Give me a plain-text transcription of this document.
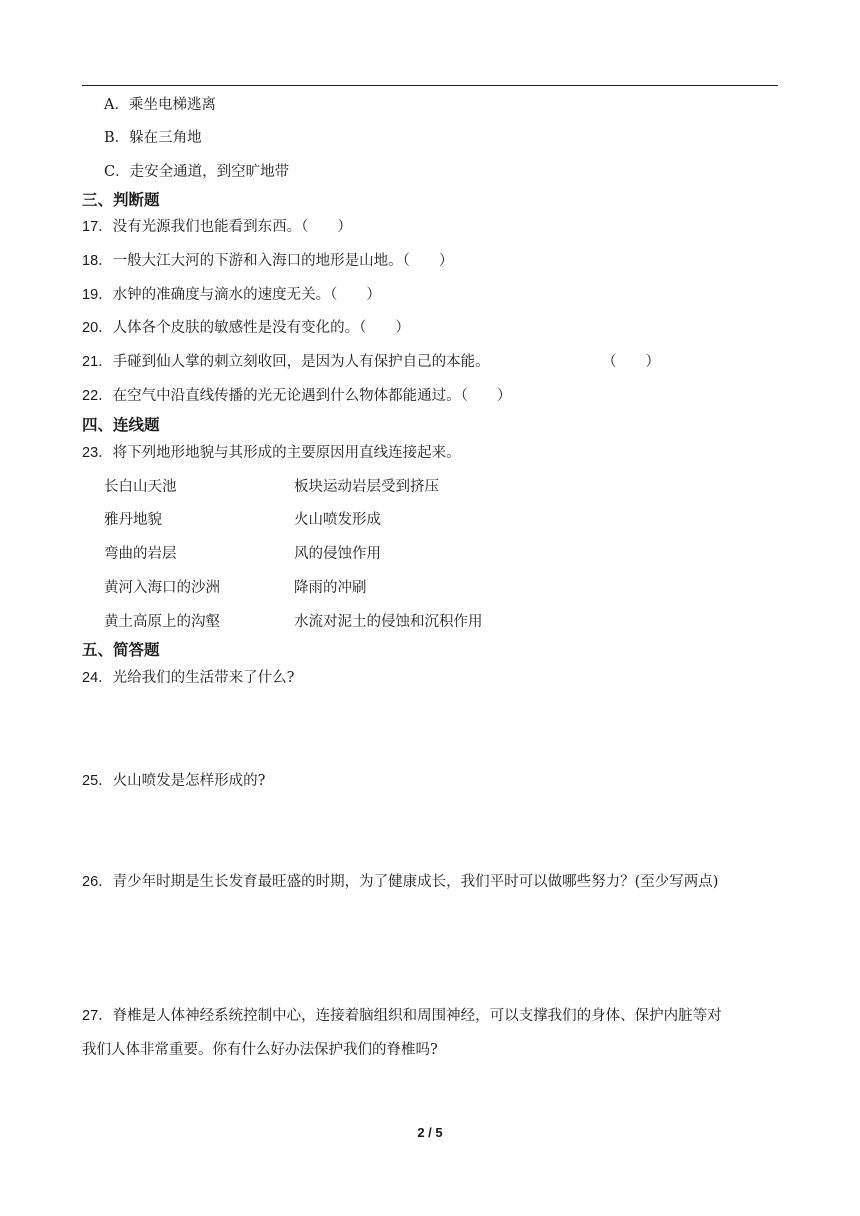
A．乘坐电梯逃离
B．躲在三角地
C．走安全通道，到空旷地带
三、判断题
17．没有光源我们也能看到东西。（　　）
18．一般大江大河的下游和入海口的地形是山地。（　　）
19．水钟的准确度与滴水的速度无关。（　　）
20．人体各个皮肤的敏感性是没有变化的。（　　）
21．手碰到仙人掌的刺立刻收回，是因为人有保护自己的本能。	（　　）
22．在空气中沿直线传播的光无论遇到什么物体都能通过。（　　）
四、连线题
23．将下列地形地貌与其形成的主要原因用直线连接起来。
长白山天池	板块运动岩层受到挤压
雅丹地貌	火山喷发形成
弯曲的岩层	风的侵蚀作用
黄河入海口的沙洲	降雨的冲刷
黄土高原上的沟壑	水流对泥土的侵蚀和沉积作用
五、简答题
24．光给我们的生活带来了什么?
25．火山喷发是怎样形成的?
26．青少年时期是生长发育最旺盛的时期，为了健康成长，我们平时可以做哪些努力？(至少写两点)
27．脊椎是人体神经系统控制中心，连接着脑组织和周围神经，可以支撑我们的身体、保护内脏等对
我们人体非常重要。你有什么好办法保护我们的脊椎吗?
2 / 5
